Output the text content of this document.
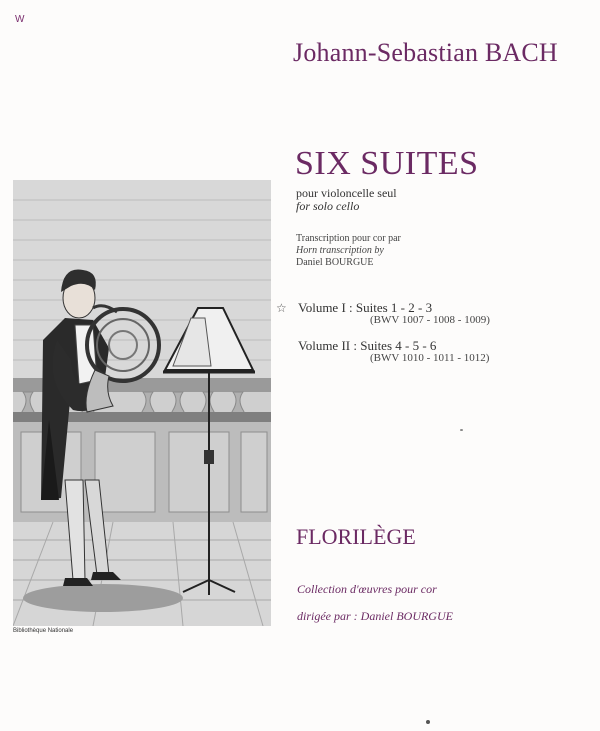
W
Johann-Sebastian BACH
SIX SUITES
pour violoncelle seul
for solo cello
Transcription pour cor par
Horn transcription by
Daniel BOURGUE
☆ Volume I : Suites 1 - 2 - 3
(BWV 1007 - 1008 - 1009)
Volume II : Suites 4 - 5 - 6
(BWV 1010 - 1011 - 1012)
FLORILÈGE
Collection d'œuvres pour cor
dirigée par : Daniel BOURGUE
Bibliothèque Nationale
